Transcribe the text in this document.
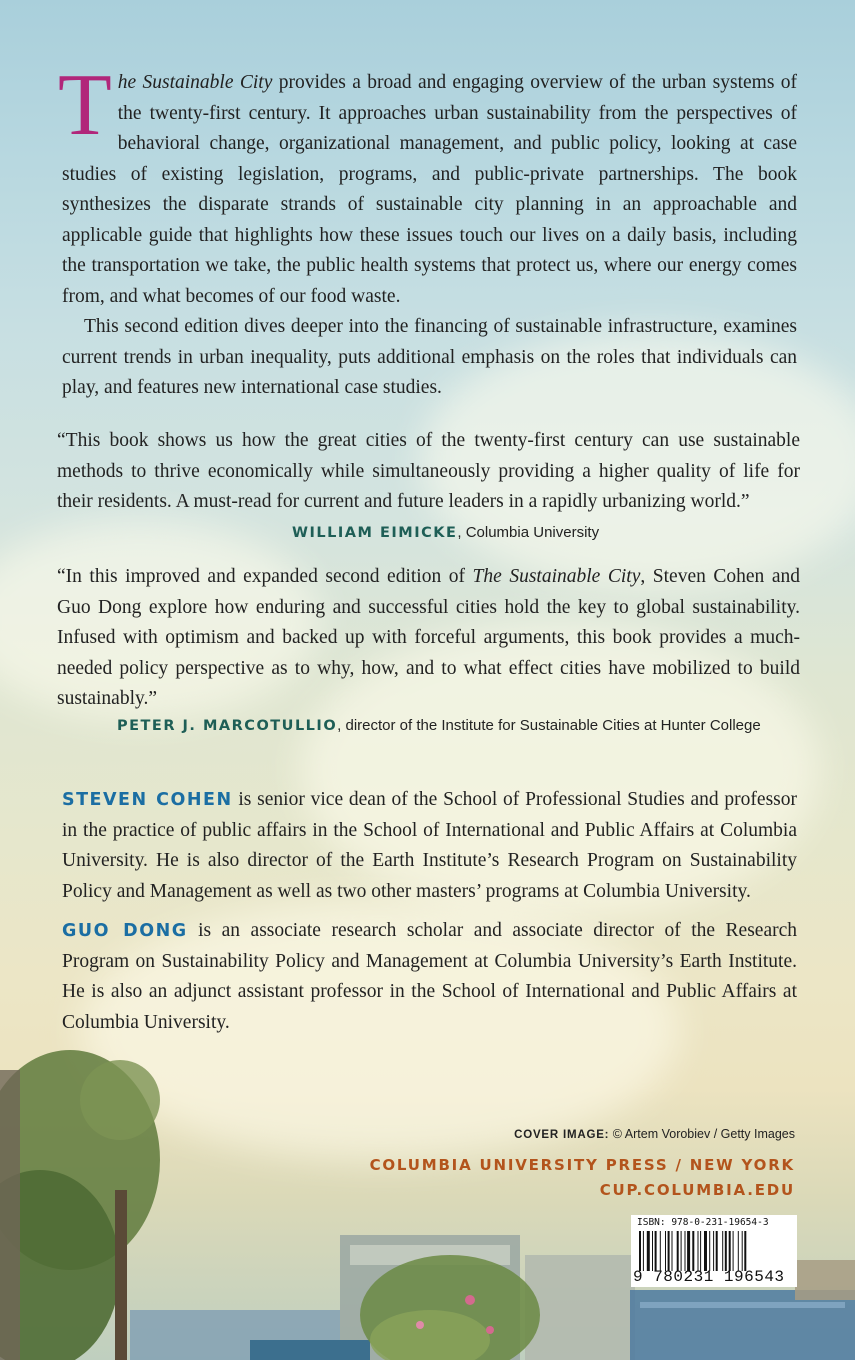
The Sustainable City provides a broad and engaging overview of the urban systems of the twenty-first century. It approaches urban sustainability from the perspectives of behavioral change, organizational management, and public policy, looking at case studies of existing legislation, programs, and public-private partnerships. The book synthesizes the disparate strands of sustainable city planning in an approachable and applicable guide that highlights how these issues touch our lives on a daily basis, including the transportation we take, the public health systems that protect us, where our energy comes from, and what becomes of our food waste.

This second edition dives deeper into the financing of sustainable infrastructure, examines current trends in urban inequality, puts additional emphasis on the roles that individuals can play, and features new international case studies.

“This book shows us how the great cities of the twenty-first century can use sustainable methods to thrive economically while simultaneously providing a higher quality of life for their residents. A must-read for current and future leaders in a rapidly urbanizing world.”

WILLIAM EIMICKE, Columbia University

“In this improved and expanded second edition of The Sustainable City, Steven Cohen and Guo Dong explore how enduring and successful cities hold the key to global sustainability. Infused with optimism and backed up with forceful arguments, this book provides a much-needed policy perspective as to why, how, and to what effect cities have mobilized to build sustainably.”

PETER J. MARCOTULLIO, director of the Institute for Sustainable Cities at Hunter College

STEVEN COHEN is senior vice dean of the School of Professional Studies and professor in the practice of public affairs in the School of International and Public Affairs at Columbia University. He is also director of the Earth Institute’s Research Program on Sustainability Policy and Management as well as two other masters’ programs at Columbia University.

GUO DONG is an associate research scholar and associate director of the Research Program on Sustainability Policy and Management at Columbia University’s Earth Institute. He is also an adjunct assistant professor in the School of International and Public Affairs at Columbia University.

COVER IMAGE: © Artem Vorobiev / Getty Images
COLUMBIA UNIVERSITY PRESS / NEW YORK
CUP.COLUMBIA.EDU
ISBN: 978-0-231-19654-3
9 780231 196543
